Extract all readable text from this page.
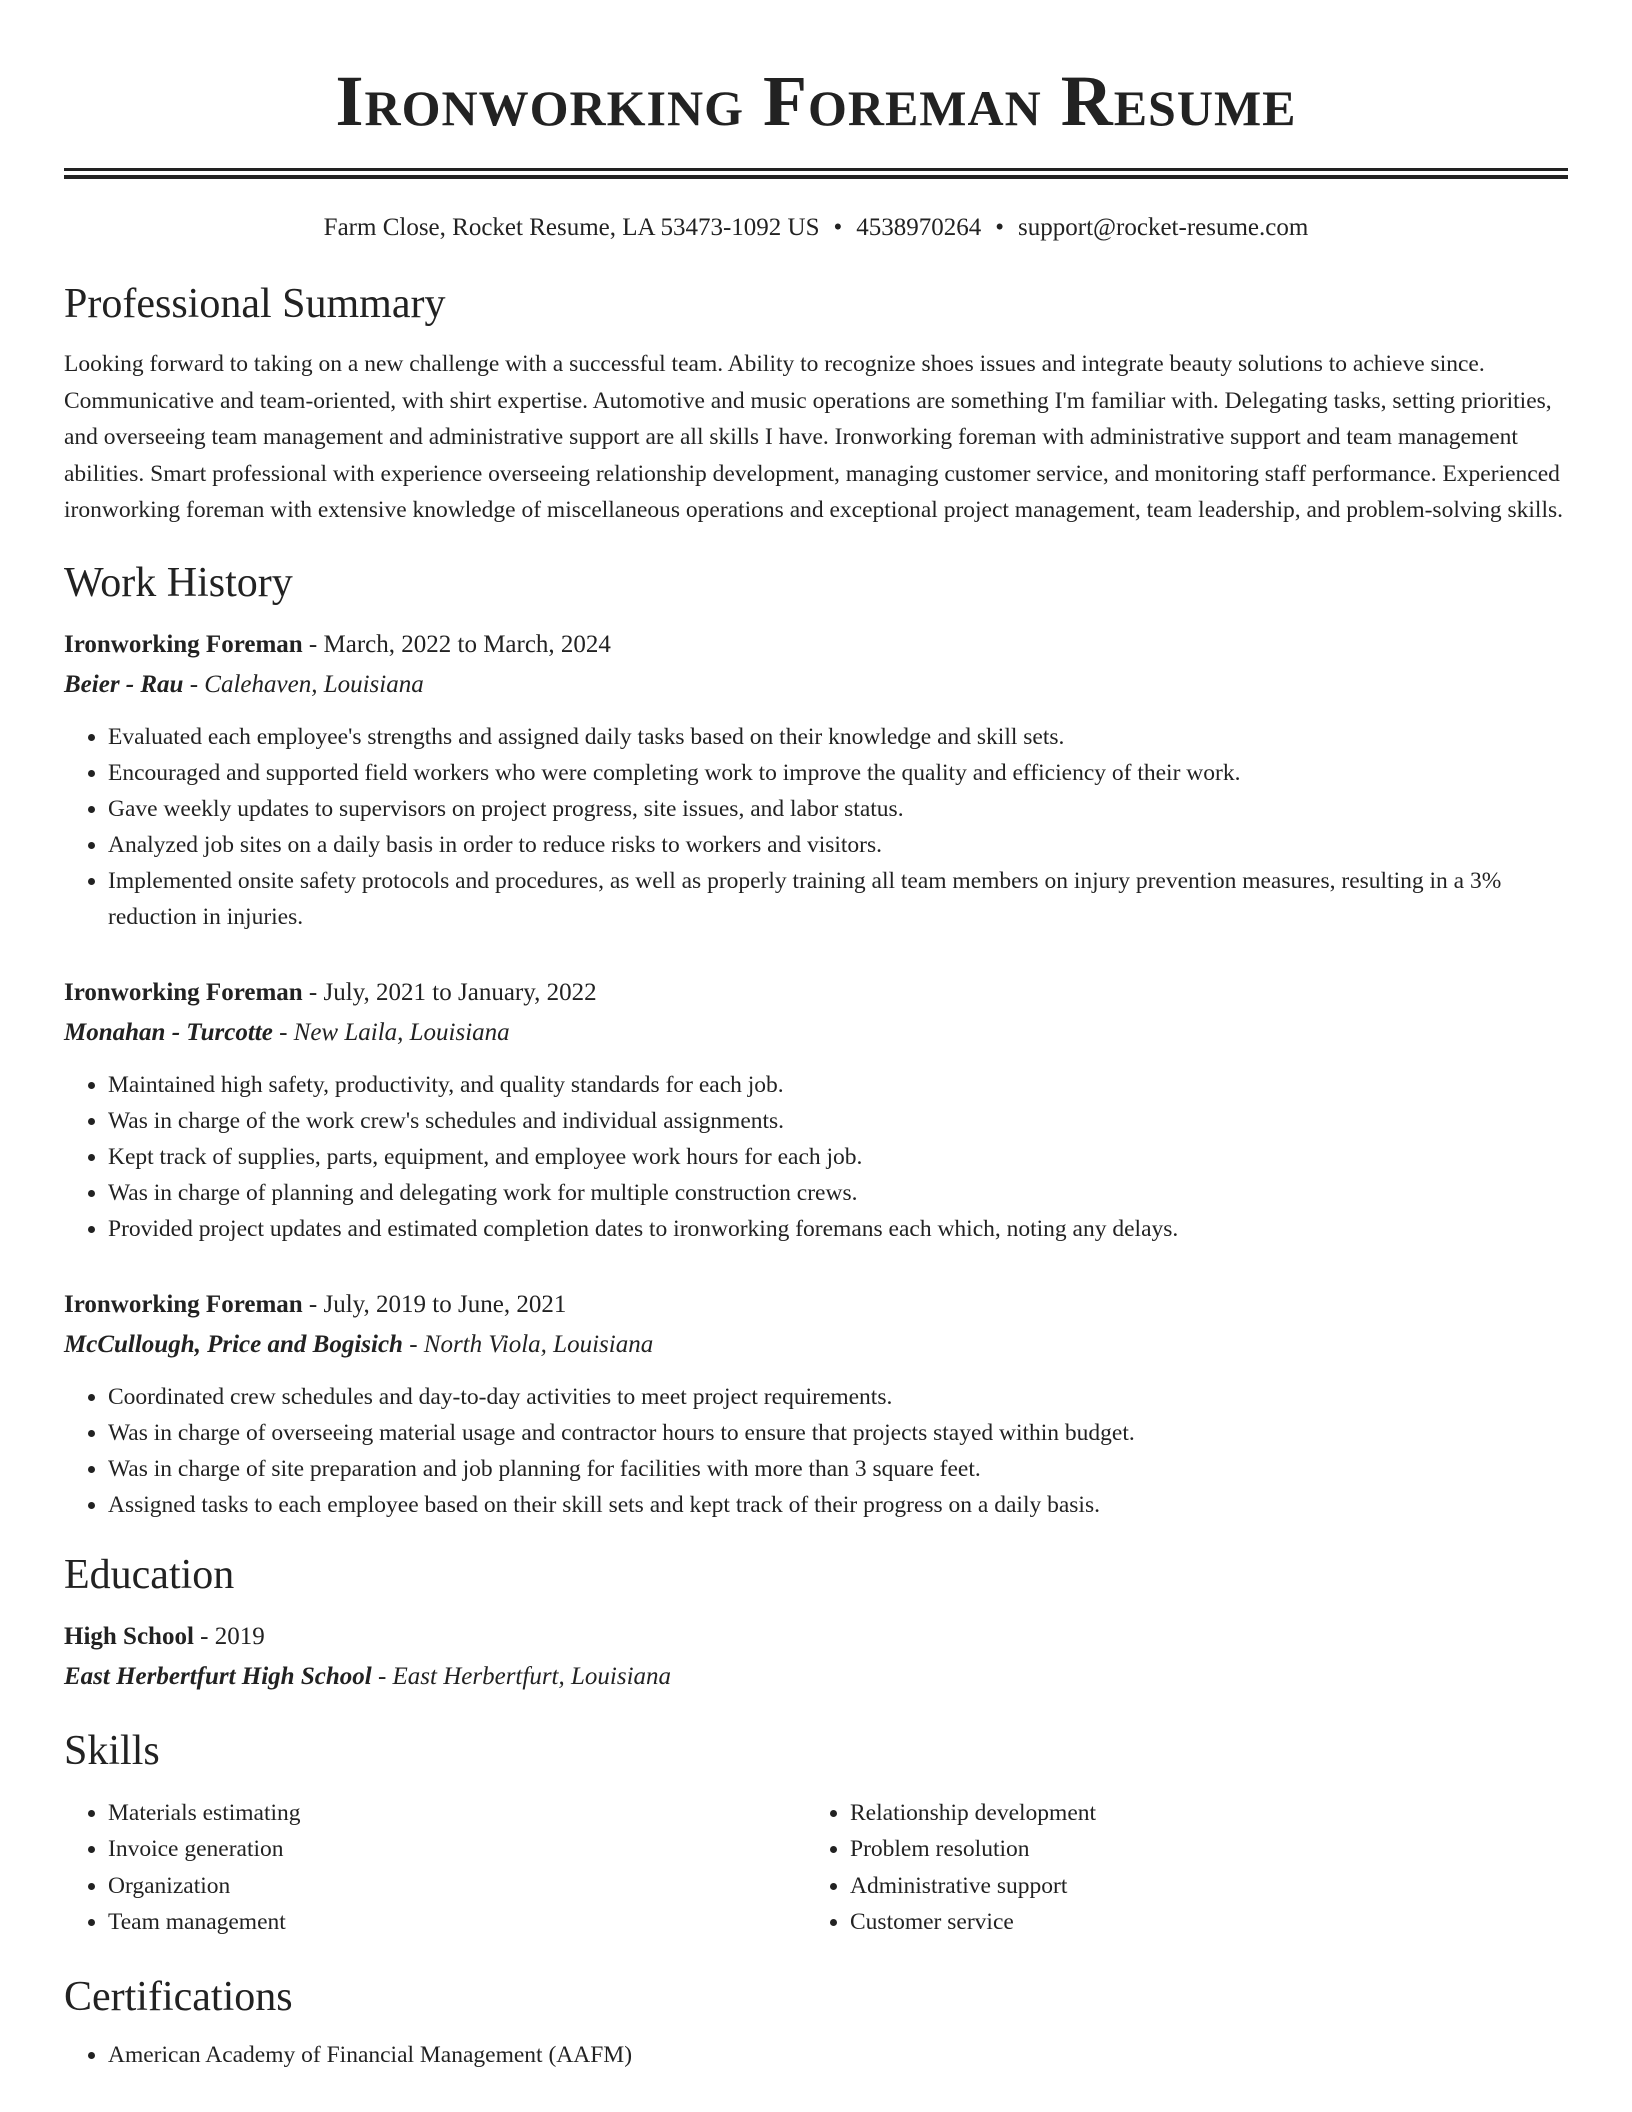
Ironworking Foreman Resume
Farm Close, Rocket Resume, LA 53473-1092 US • 4538970264 • support@rocket-resume.com
Professional Summary

Looking forward to taking on a new challenge with a successful team. Ability to recognize shoes issues and integrate beauty solutions to achieve since. Communicative and team-oriented, with shirt expertise. Automotive and music operations are something I'm familiar with. Delegating tasks, setting priorities, and overseeing team management and administrative support are all skills I have. Ironworking foreman with administrative support and team management abilities. Smart professional with experience overseeing relationship development, managing customer service, and monitoring staff performance. Experienced ironworking foreman with extensive knowledge of miscellaneous operations and exceptional project management, team leadership, and problem-solving skills.

Work History
Ironworking Foreman - March, 2022 to March, 2024
Beier - Rau - Calehaven, Louisiana
• Evaluated each employee's strengths and assigned daily tasks based on their knowledge and skill sets.
• Encouraged and supported field workers who were completing work to improve the quality and efficiency of their work.
• Gave weekly updates to supervisors on project progress, site issues, and labor status.
• Analyzed job sites on a daily basis in order to reduce risks to workers and visitors.
• Implemented onsite safety protocols and procedures, as well as properly training all team members on injury prevention measures, resulting in a 3% reduction in injuries.
Ironworking Foreman - July, 2021 to January, 2022
Monahan - Turcotte - New Laila, Louisiana
• Maintained high safety, productivity, and quality standards for each job.
• Was in charge of the work crew's schedules and individual assignments.
• Kept track of supplies, parts, equipment, and employee work hours for each job.
• Was in charge of planning and delegating work for multiple construction crews.
• Provided project updates and estimated completion dates to ironworking foremans each which, noting any delays.
Ironworking Foreman - July, 2019 to June, 2021
McCullough, Price and Bogisich - North Viola, Louisiana
• Coordinated crew schedules and day-to-day activities to meet project requirements.
• Was in charge of overseeing material usage and contractor hours to ensure that projects stayed within budget.
• Was in charge of site preparation and job planning for facilities with more than 3 square feet.
• Assigned tasks to each employee based on their skill sets and kept track of their progress on a daily basis.
Education
High School - 2019
East Herbertfurt High School - East Herbertfurt, Louisiana
Skills
• Materials estimating
• Invoice generation
• Organization
• Team management
• Relationship development
• Problem resolution
• Administrative support
• Customer service
Certifications
• American Academy of Financial Management (AAFM)
